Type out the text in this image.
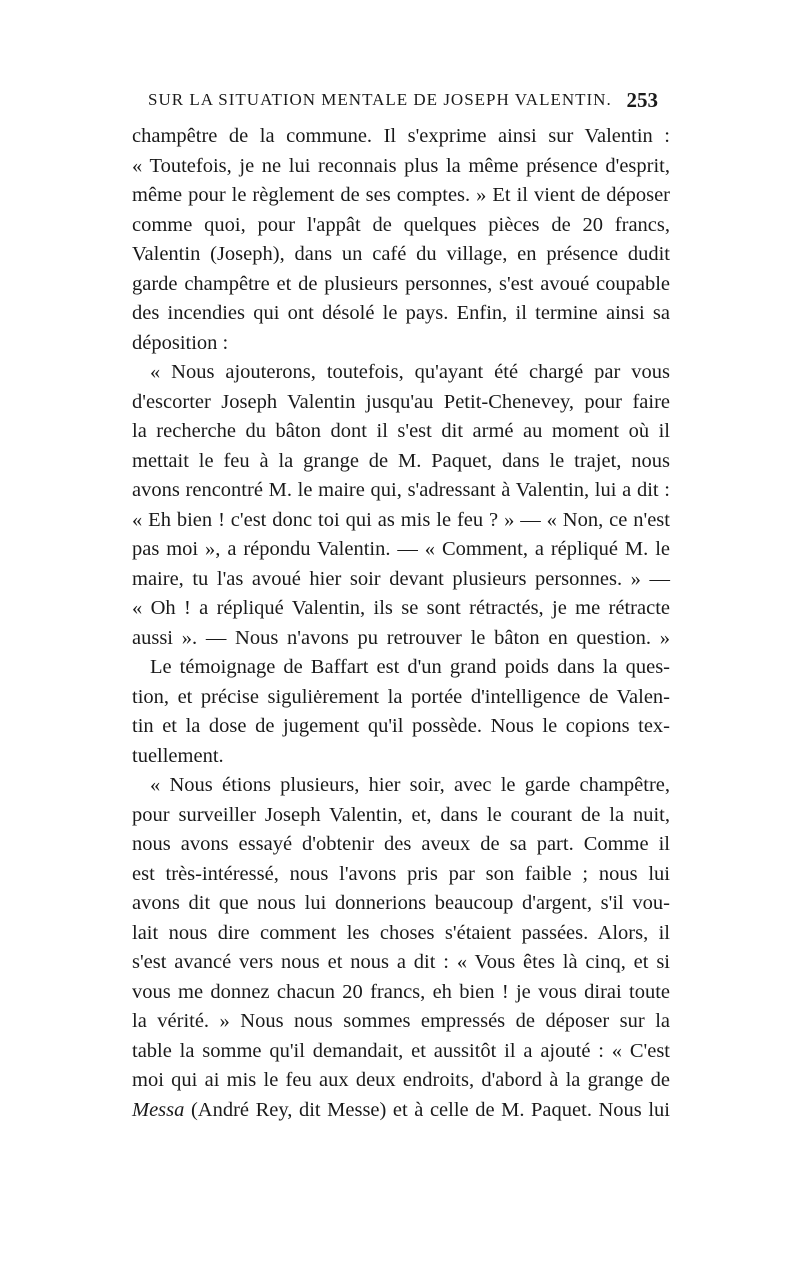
SUR LA SITUATION MENTALE DE JOSEPH VALENTIN. 253
champêtre de la commune. Il s'exprime ainsi sur Valentin :
« Toutefois, je ne lui reconnais plus la même présence d'esprit,
même pour le règlement de ses comptes. » Et il vient de déposer
comme quoi, pour l'appât de quelques pièces de 20 francs,
Valentin (Joseph), dans un café du village, en présence dudit
garde champêtre et de plusieurs personnes, s'est avoué coupable
des incendies qui ont désolé le pays. Enfin, il termine ainsi sa
déposition :
« Nous ajouterons, toutefois, qu'ayant été chargé par vous
d'escorter Joseph Valentin jusqu'au Petit-Chenevey, pour faire
la recherche du bâton dont il s'est dit armé au moment où il
mettait le feu à la grange de M. Paquet, dans le trajet, nous
avons rencontré M. le maire qui, s'adressant à Valentin, lui a dit :
« Eh bien ! c'est donc toi qui as mis le feu ? » — « Non, ce n'est
pas moi », a répondu Valentin. — « Comment, a répliqué M. le
maire, tu l'as avoué hier soir devant plusieurs personnes. » —
« Oh ! a répliqué Valentin, ils se sont rétractés, je me rétracte
aussi ». — Nous n'avons pu retrouver le bâton en question. »
Le témoignage de Baffart est d'un grand poids dans la ques-
tion, et précise siguliėrement la portée d'intelligence de Valen-
tin et la dose de jugement qu'il possède. Nous le copions tex-
tuellement.
« Nous étions plusieurs, hier soir, avec le garde champêtre,
pour surveiller Joseph Valentin, et, dans le courant de la nuit,
nous avons essayé d'obtenir des aveux de sa part. Comme il
est très-intéressé, nous l'avons pris par son faible ; nous lui
avons dit que nous lui donnerions beaucoup d'argent, s'il vou-
lait nous dire comment les choses s'étaient passées. Alors, il
s'est avancé vers nous et nous a dit : « Vous êtes là cinq, et si
vous me donnez chacun 20 francs, eh bien ! je vous dirai toute
la vérité. » Nous nous sommes empressés de déposer sur la
table la somme qu'il demandait, et aussitôt il a ajouté : « C'est
moi qui ai mis le feu aux deux endroits, d'abord à la grange de
Messa (André Rey, dit Messe) et à celle de M. Paquet. Nous lui
